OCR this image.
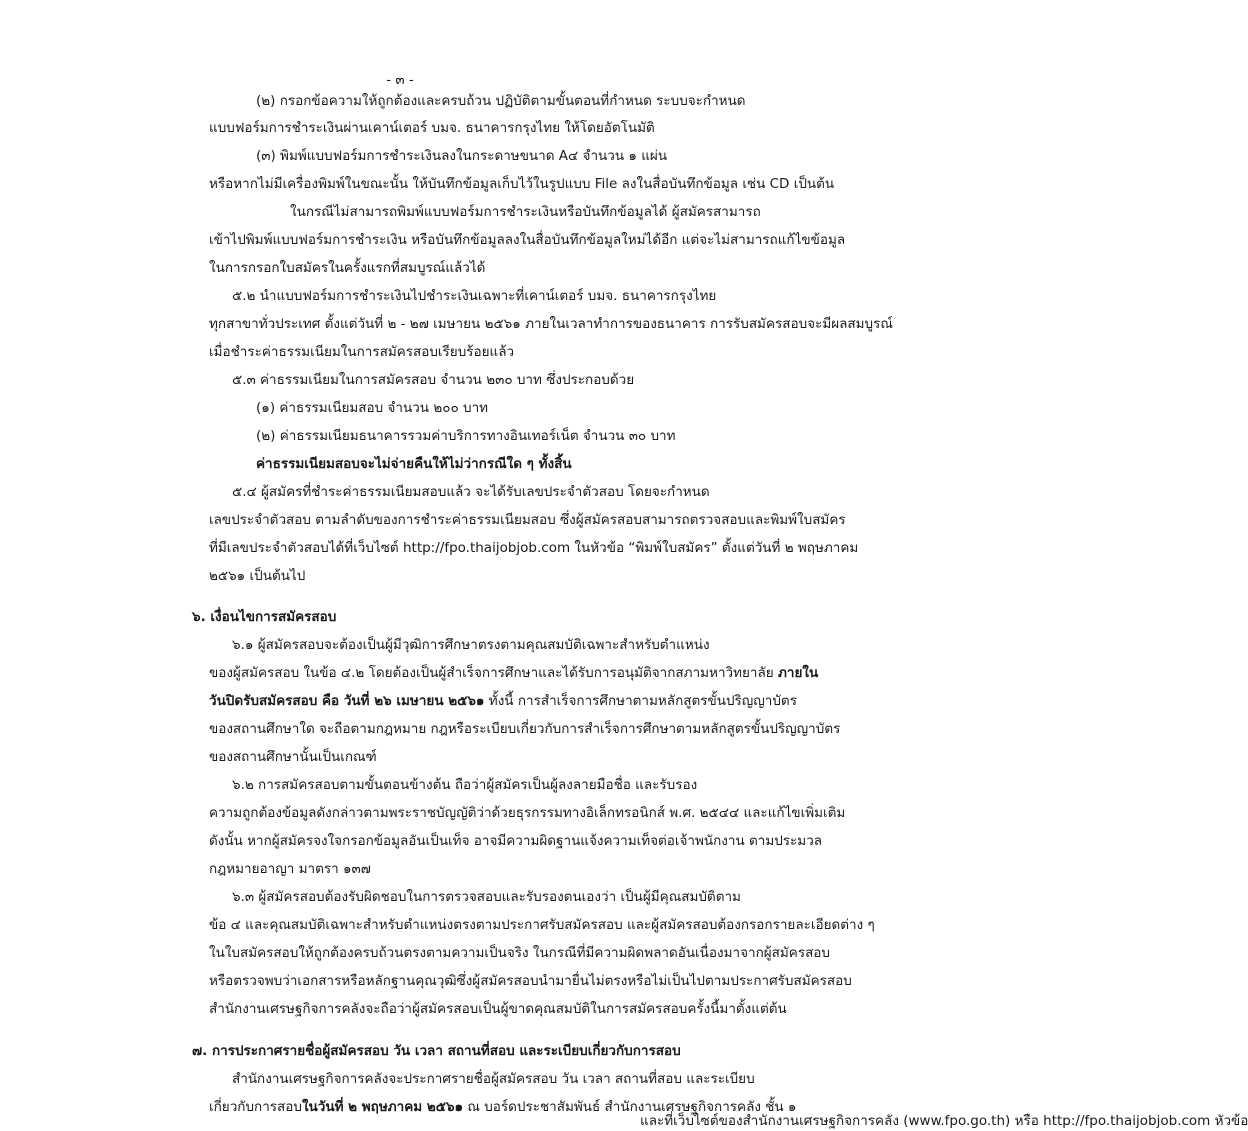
- ๓ -
(๒) กรอกข้อความให้ถูกต้องและครบถ้วน ปฏิบัติตามขั้นตอนที่กำหนด ระบบจะกำหนด
แบบฟอร์มการชำระเงินผ่านเคาน์เตอร์ บมจ. ธนาคารกรุงไทย ให้โดยอัตโนมัติ
(๓) พิมพ์แบบฟอร์มการชำระเงินลงในกระดาษขนาด A๔ จำนวน ๑ แผ่น
หรือหากไม่มีเครื่องพิมพ์ในขณะนั้น ให้บันทึกข้อมูลเก็บไว้ในรูปแบบ File ลงในสื่อบันทึกข้อมูล เช่น CD เป็นต้น
ในกรณีไม่สามารถพิมพ์แบบฟอร์มการชำระเงินหรือบันทึกข้อมูลได้ ผู้สมัครสามารถ
เข้าไปพิมพ์แบบฟอร์มการชำระเงิน หรือบันทึกข้อมูลลงในสื่อบันทึกข้อมูลใหม่ได้อีก แต่จะไม่สามารถแก้ไขข้อมูล
ในการกรอกใบสมัครในครั้งแรกที่สมบูรณ์แล้วได้
๕.๒ นำแบบฟอร์มการชำระเงินไปชำระเงินเฉพาะที่เคาน์เตอร์ บมจ. ธนาคารกรุงไทย
ทุกสาขาทั่วประเทศ ตั้งแต่วันที่ ๒ - ๒๗ เมษายน ๒๕๖๑ ภายในเวลาทำการของธนาคาร การรับสมัครสอบจะมีผลสมบูรณ์
เมื่อชำระค่าธรรมเนียมในการสมัครสอบเรียบร้อยแล้ว
๕.๓ ค่าธรรมเนียมในการสมัครสอบ จำนวน ๒๓๐ บาท ซึ่งประกอบด้วย
(๑) ค่าธรรมเนียมสอบ จำนวน ๒๐๐ บาท
(๒) ค่าธรรมเนียมธนาคารรวมค่าบริการทางอินเทอร์เน็ต จำนวน ๓๐ บาท
ค่าธรรมเนียมสอบจะไม่จ่ายคืนให้ไม่ว่ากรณีใด ๆ ทั้งสิ้น
๕.๔ ผู้สมัครที่ชำระค่าธรรมเนียมสอบแล้ว จะได้รับเลขประจำตัวสอบ โดยจะกำหนด
เลขประจำตัวสอบ ตามลำดับของการชำระค่าธรรมเนียมสอบ ซึ่งผู้สมัครสอบสามารถตรวจสอบและพิมพ์ใบสมัคร
ที่มีเลขประจำตัวสอบได้ที่เว็บไซต์ http://fpo.thaijobjob.com ในหัวข้อ “พิมพ์ใบสมัคร” ตั้งแต่วันที่ ๒ พฤษภาคม
๒๕๖๑ เป็นต้นไป
๖. เงื่อนไขการสมัครสอบ
๖.๑ ผู้สมัครสอบจะต้องเป็นผู้มีวุฒิการศึกษาตรงตามคุณสมบัติเฉพาะสำหรับตำแหน่ง
ของผู้สมัครสอบ ในข้อ ๔.๒ โดยต้องเป็นผู้สำเร็จการศึกษาและได้รับการอนุมัติจากสภามหาวิทยาลัย ภายใน
วันปิดรับสมัครสอบ คือ วันที่ ๒๖ เมษายน ๒๕๖๑ ทั้งนี้ การสำเร็จการศึกษาตามหลักสูตรขั้นปริญญาบัตร
ของสถานศึกษาใด จะถือตามกฎหมาย กฎหรือระเบียบเกี่ยวกับการสำเร็จการศึกษาตามหลักสูตรขั้นปริญญาบัตร
ของสถานศึกษานั้นเป็นเกณฑ์
๖.๒ การสมัครสอบตามขั้นตอนข้างต้น ถือว่าผู้สมัครเป็นผู้ลงลายมือชื่อ และรับรอง
ความถูกต้องข้อมูลดังกล่าวตามพระราชบัญญัติว่าด้วยธุรกรรมทางอิเล็กทรอนิกส์ พ.ศ. ๒๕๔๔ และแก้ไขเพิ่มเติม
ดังนั้น หากผู้สมัครจงใจกรอกข้อมูลอันเป็นเท็จ อาจมีความผิดฐานแจ้งความเท็จต่อเจ้าพนักงาน ตามประมวล
กฎหมายอาญา มาตรา ๑๓๗
๖.๓ ผู้สมัครสอบต้องรับผิดชอบในการตรวจสอบและรับรองตนเองว่า เป็นผู้มีคุณสมบัติตาม
ข้อ ๔ และคุณสมบัติเฉพาะสำหรับตำแหน่งตรงตามประกาศรับสมัครสอบ และผู้สมัครสอบต้องกรอกรายละเอียดต่าง ๆ
ในใบสมัครสอบให้ถูกต้องครบถ้วนตรงตามความเป็นจริง ในกรณีที่มีความผิดพลาดอันเนื่องมาจากผู้สมัครสอบ
หรือตรวจพบว่าเอกสารหรือหลักฐานคุณวุฒิซึ่งผู้สมัครสอบนำมายื่นไม่ตรงหรือไม่เป็นไปตามประกาศรับสมัครสอบ
สำนักงานเศรษฐกิจการคลังจะถือว่าผู้สมัครสอบเป็นผู้ขาดคุณสมบัติในการสมัครสอบครั้งนี้มาตั้งแต่ต้น
๗. การประกาศรายชื่อผู้สมัครสอบ วัน เวลา สถานที่สอบ และระเบียบเกี่ยวกับการสอบ
สำนักงานเศรษฐกิจการคลังจะประกาศรายชื่อผู้สมัครสอบ วัน เวลา สถานที่สอบ และระเบียบ
เกี่ยวกับการสอบในวันที่ ๒ พฤษภาคม ๒๕๖๑ ณ บอร์ดประชาสัมพันธ์ สำนักงานเศรษฐกิจการคลัง ชั้น ๑
และที่เว็บไซต์ของสำนักงานเศรษฐกิจการคลัง (www.fpo.go.th) หรือ http://fpo.thaijobjob.com หัวข้อ
